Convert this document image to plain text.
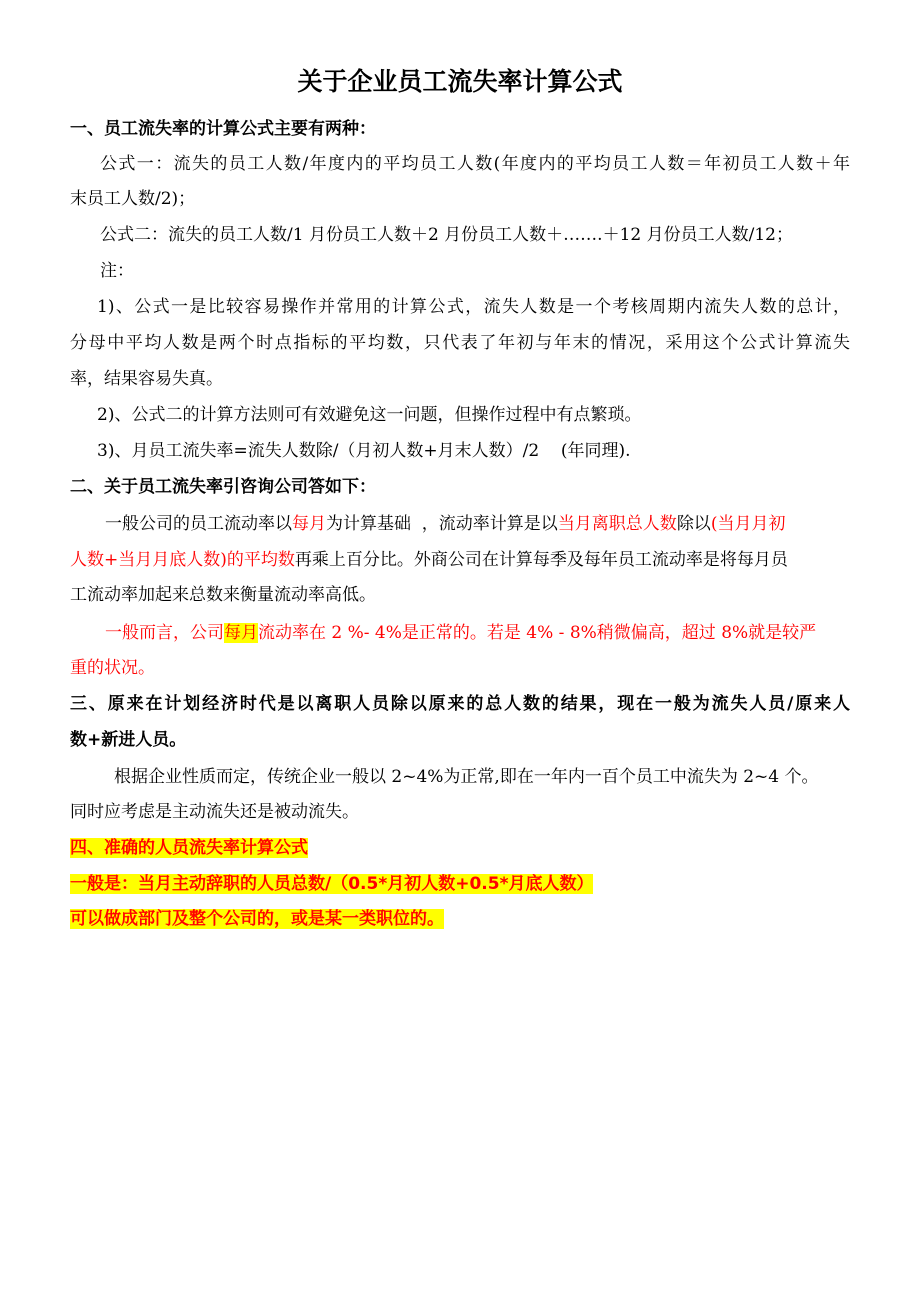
关于企业员工流失率计算公式
一、员工流失率的计算公式主要有两种：
公式一：流失的员工人数/年度内的平均员工人数(年度内的平均员工人数＝年初员工人数＋年
末员工人数/2)；
公式二：流失的员工人数/1 月份员工人数＋2 月份员工人数＋…….＋12 月份员工人数/12；
注：
1)、公式一是比较容易操作并常用的计算公式，流失人数是一个考核周期内流失人数的总计，
分母中平均人数是两个时点指标的平均数，只代表了年初与年末的情况，采用这个公式计算流失
率，结果容易失真。
2)、公式二的计算方法则可有效避免这一问题，但操作过程中有点繁琐。
3)、月员工流失率=流失人数除/（月初人数+月末人数）/2    (年同理).
二、关于员工流失率引咨询公司答如下：
一般公司的员工流动率以每月为计算基础  ，流动率计算是以当月离职总人数除以(当月月初
人数+当月月底人数)的平均数再乘上百分比。外商公司在计算每季及每年员工流动率是将每月员
工流动率加起来总数来衡量流动率高低。
一般而言，公司每月流动率在 2 %- 4%是正常的。若是 4% - 8%稍微偏高，超过 8%就是较严
重的状况。
三、原来在计划经济时代是以离职人员除以原来的总人数的结果，现在一般为流失人员/原来人
数+新进人员。
根据企业性质而定，传统企业一般以 2~4%为正常,即在一年内一百个员工中流失为 2~4 个。
同时应考虑是主动流失还是被动流失。
四、准确的人员流失率计算公式
一般是：当月主动辞职的人员总数/（0.5*月初人数+0.5*月底人数）
可以做成部门及整个公司的，或是某一类职位的。
